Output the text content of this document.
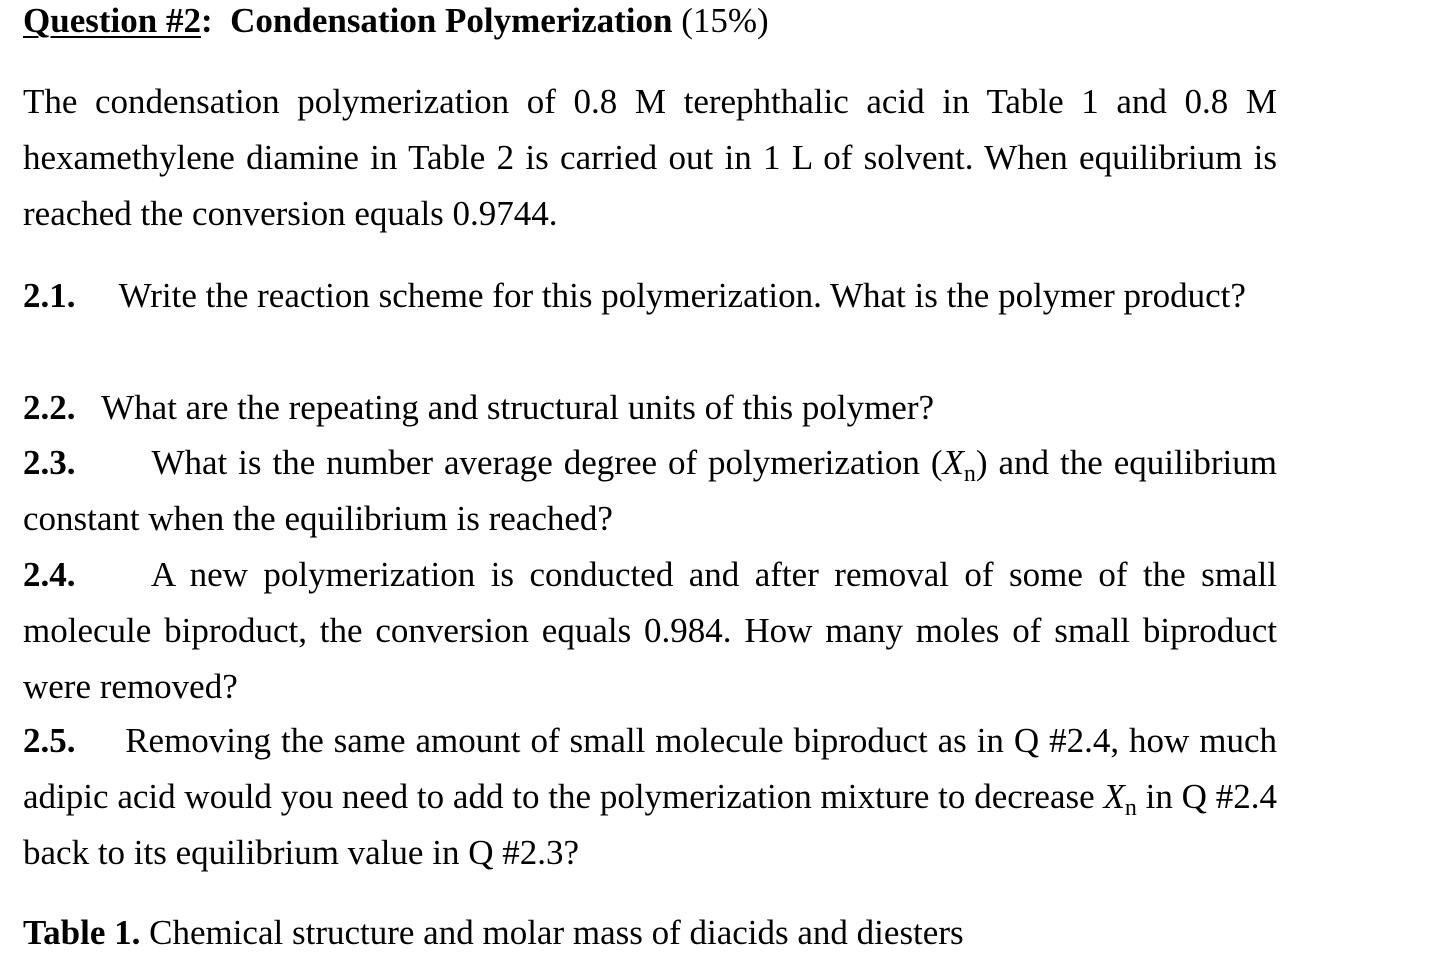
Question #2: Condensation Polymerization (15%)
The condensation polymerization of 0.8 M terephthalic acid in Table 1 and 0.8 M hexamethylene diamine in Table 2 is carried out in 1 L of solvent. When equilibrium is reached the conversion equals 0.9744.
2.1. Write the reaction scheme for this polymerization. What is the polymer product?
2.2. What are the repeating and structural units of this polymer?
2.3. What is the number average degree of polymerization $(X_n)$ and the equilibrium constant when the equilibrium is reached?
2.4. A new polymerization is conducted and after removal of some of the small molecule biproduct, the conversion equals 0.984. How many moles of small biproduct were removed?
2.5. Removing the same amount of small molecule biproduct as in Q #2.4, how much adipic acid would you need to add to the polymerization mixture to decrease $X_n$ in Q #2.4 back to its equilibrium value in Q #2.3?
Table 1. Chemical structure and molar mass of diacids and diesters
